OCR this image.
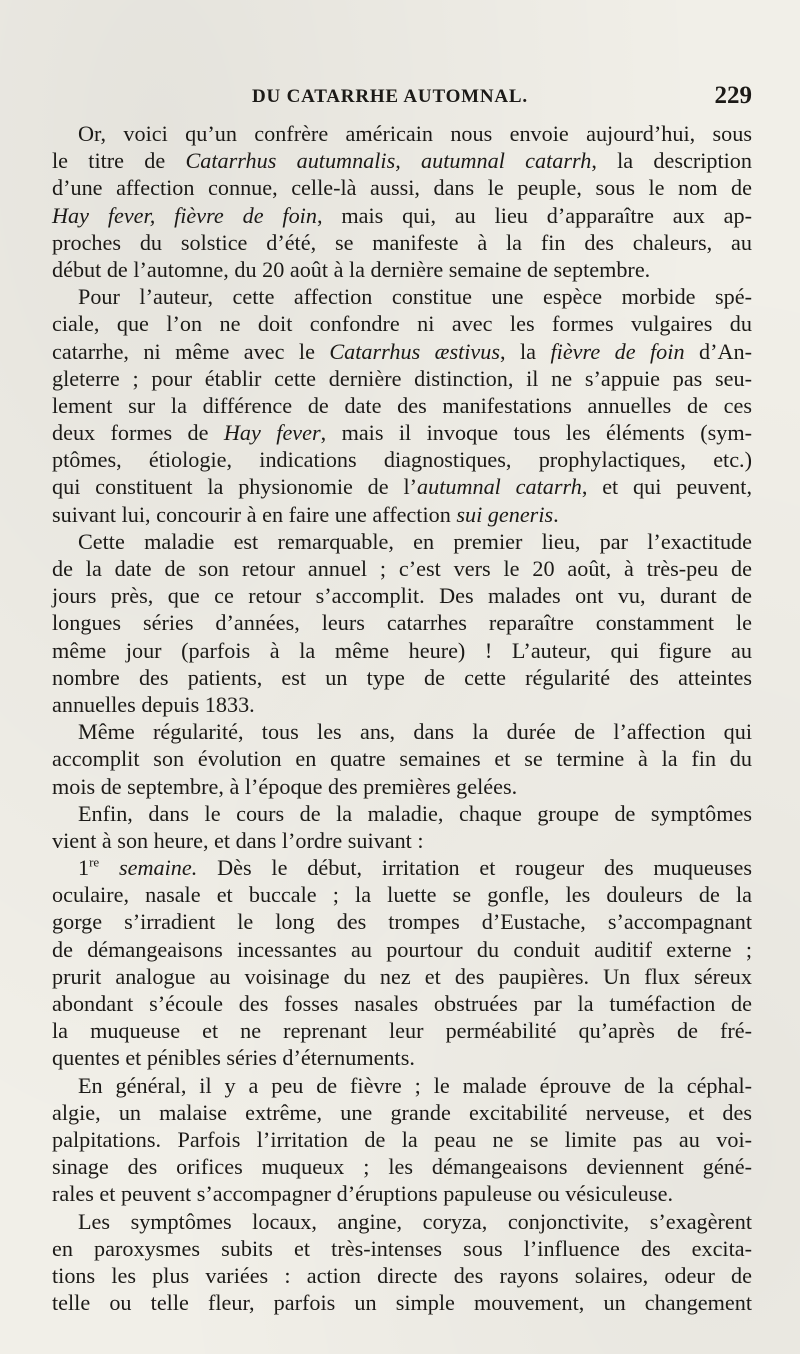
DU CATARRHE AUTOMNAL.	229
Or, voici qu’un confrère américain nous envoie aujourd’hui, sous
le titre de Catarrhus autumnalis, autumnal catarrh, la description
d’une affection connue, celle-là aussi, dans le peuple, sous le nom de
Hay fever, fièvre de foin, mais qui, au lieu d’apparaître aux ap-
proches du solstice d’été, se manifeste à la fin des chaleurs, au
début de l’automne, du 20 août à la dernière semaine de septembre.
Pour l’auteur, cette affection constitue une espèce morbide spé-
ciale, que l’on ne doit confondre ni avec les formes vulgaires du
catarrhe, ni même avec le Catarrhus æstivus, la fièvre de foin d’An-
gleterre ; pour établir cette dernière distinction, il ne s’appuie pas seu-
lement sur la différence de date des manifestations annuelles de ces
deux formes de Hay fever, mais il invoque tous les éléments (sym-
ptômes, étiologie, indications diagnostiques, prophylactiques, etc.)
qui constituent la physionomie de l’autumnal catarrh, et qui peuvent,
suivant lui, concourir à en faire une affection sui generis.
Cette maladie est remarquable, en premier lieu, par l’exactitude
de la date de son retour annuel ; c’est vers le 20 août, à très-peu de
jours près, que ce retour s’accomplit. Des malades ont vu, durant de
longues séries d’années, leurs catarrhes reparaître constamment le
même jour (parfois à la même heure) ! L’auteur, qui figure au
nombre des patients, est un type de cette régularité des atteintes
annuelles depuis 1833.
Même régularité, tous les ans, dans la durée de l’affection qui
accomplit son évolution en quatre semaines et se termine à la fin du
mois de septembre, à l’époque des premières gelées.
Enfin, dans le cours de la maladie, chaque groupe de symptômes
vient à son heure, et dans l’ordre suivant :
1re semaine. Dès le début, irritation et rougeur des muqueuses
oculaire, nasale et buccale ; la luette se gonfle, les douleurs de la
gorge s’irradient le long des trompes d’Eustache, s’accompagnant
de démangeaisons incessantes au pourtour du conduit auditif externe ;
prurit analogue au voisinage du nez et des paupières. Un flux séreux
abondant s’écoule des fosses nasales obstruées par la tuméfaction de
la muqueuse et ne reprenant leur perméabilité qu’après de fré-
quentes et pénibles séries d’éternuments.
En général, il y a peu de fièvre ; le malade éprouve de la céphal-
algie, un malaise extrême, une grande excitabilité nerveuse, et des
palpitations. Parfois l’irritation de la peau ne se limite pas au voi-
sinage des orifices muqueux ; les démangeaisons deviennent géné-
rales et peuvent s’accompagner d’éruptions papuleuse ou vésiculeuse.
Les symptômes locaux, angine, coryza, conjonctivite, s’exagèrent
en paroxysmes subits et très-intenses sous l’influence des excita-
tions les plus variées : action directe des rayons solaires, odeur de
telle ou telle fleur, parfois un simple mouvement, un changement
